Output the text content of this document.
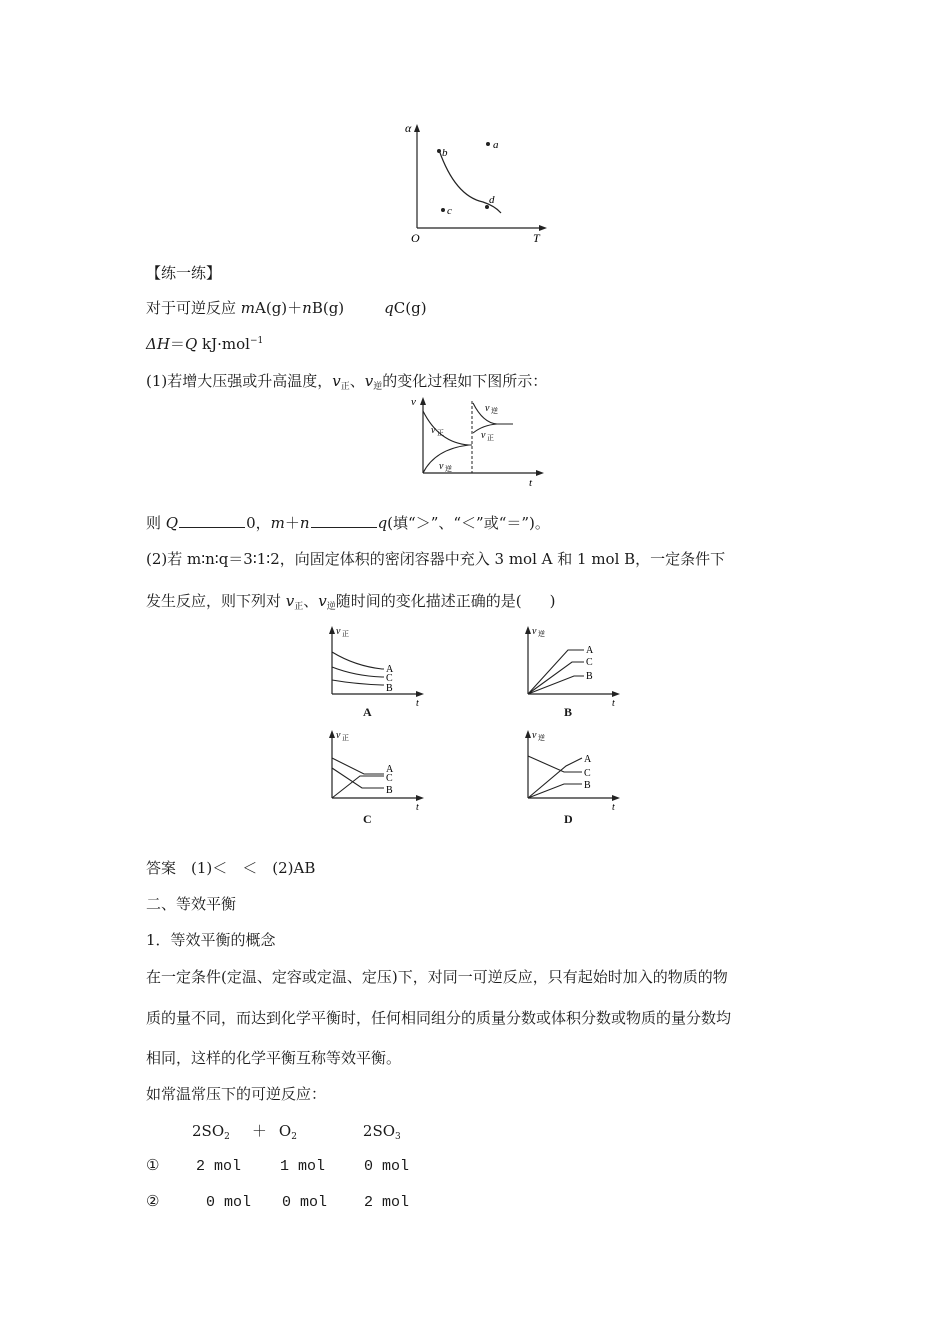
α
T
O
b
a
c
d
【练一练】
对于可逆反应 mA(g)＋nB(g)	qC(g)
ΔH＝Q kJ·mol$^{-1}$
(1)若增大压强或升高温度，$v_正$、$v_逆$的变化过程如下图所示：
v
t
v 正
v 逆
v 逆
v 正
则 Q	0，m＋n	q(填“＞”、“＜”或“＝”)。
(2)若 m∶n∶q＝3∶1∶2，向固定体积的密闭容器中充入 3 mol A 和 1 mol B，一定条件下
发生反应，则下列对 $v_正$、$v_逆$随时间的变化描述正确的是( )
v 正
A
C
B
t
A
v 逆
A
C
B
t
B
v 正
A
C
B
t
C
v 逆
A
C
B
t
D
答案　(1)＜　＜　(2)AB
二、等效平衡
1．等效平衡的概念
在一定条件(定温、定容或定温、定压)下，对同一可逆反应，只有起始时加入的物质的物
质的量不同，而达到化学平衡时，任何相同组分的质量分数或体积分数或物质的量分数均
相同，这样的化学平衡互称等效平衡。
如常温常压下的可逆反应：
$2SO_2 + O_2$	$2SO_3$
① 2 mol	1 mol	0 mol
②	0 mol 0 mol 2 mol
